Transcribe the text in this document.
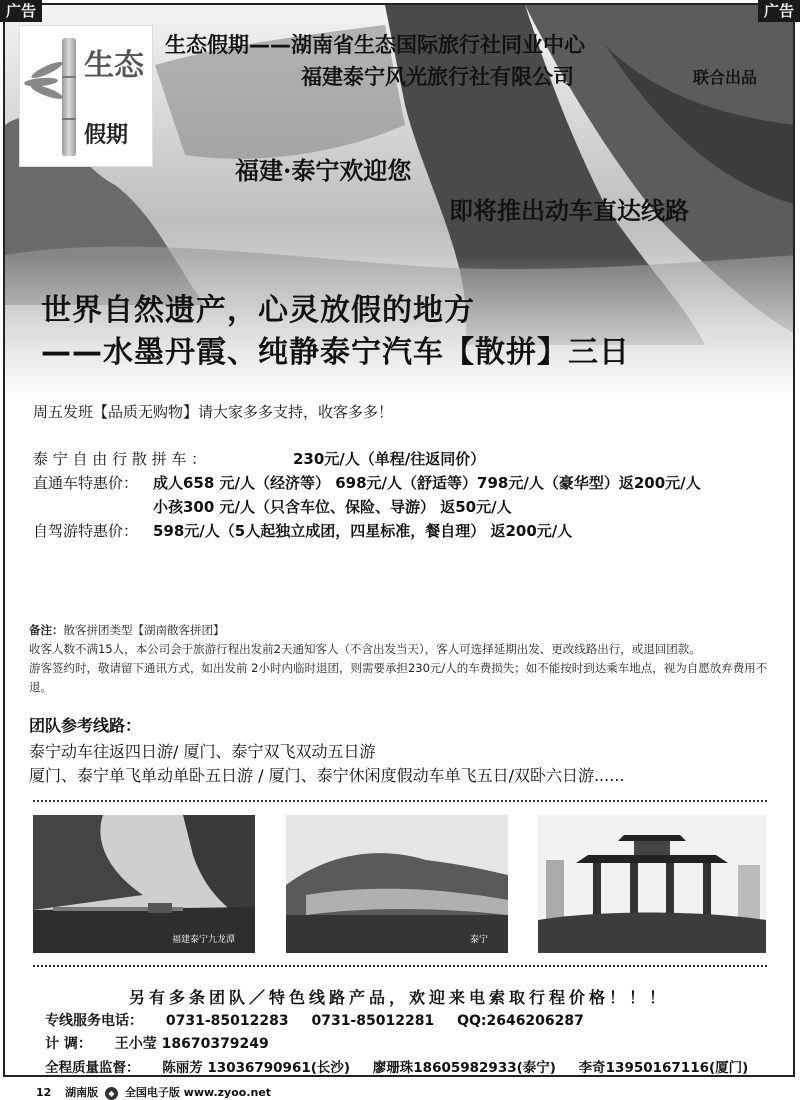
广告	广告
生态
假期
生态假期——湖南省生态国际旅行社同业中心
福建泰宁风光旅行社有限公司	联合出品
福建·泰宁欢迎您
即将推出动车直达线路
世界自然遗产，心灵放假的地方
——水墨丹霞、纯静泰宁汽车【散拼】三日
周五发班【品质无购物】请大家多多支持，收客多多！
泰 宁 自 由 行 散 拼 车 ：	230元/人（单程/往返同价）
直通车特惠价： 成人658 元/人（经济等） 698元/人（舒适等）798元/人（豪华型）返200元/人
小孩300 元/人（只含车位、保险、导游） 返50元/人
自驾游特惠价： 598元/人（5人起独立成团，四星标准，餐自理） 返200元/人
备注：散客拼团类型【湖南散客拼团】
收客人数不满15人，本公司会于旅游行程出发前2天通知客人（不含出发当天），客人可选择延期出发、更改线路出行，或退回团款。
游客签约时，敬请留下通讯方式，如出发前 2小时内临时退团，则需要承担230元/人的车费损失；如不能按时到达乘车地点，视为自愿放弃费用不退。
团队参考线路：
泰宁动车往返四日游/ 厦门、泰宁双飞双动五日游
厦门、泰宁单飞单动单卧五日游 / 厦门、泰宁休闲度假动车单飞五日/双卧六日游......
福建泰宁九龙潭	泰宁
另有多条团队／特色线路产品，欢迎来电索取行程价格！！！
专线服务电话： 0731-85012283 0731-85012281 QQ:2646206287
计 调： 王小莹 18670379249
全程质量监督： 陈丽芳 13036790961(长沙) 廖珊珠18605982933(泰宁) 李奇13950167116(厦门)
12 湖南版 ◆ 全国电子版 www.zyoo.net
